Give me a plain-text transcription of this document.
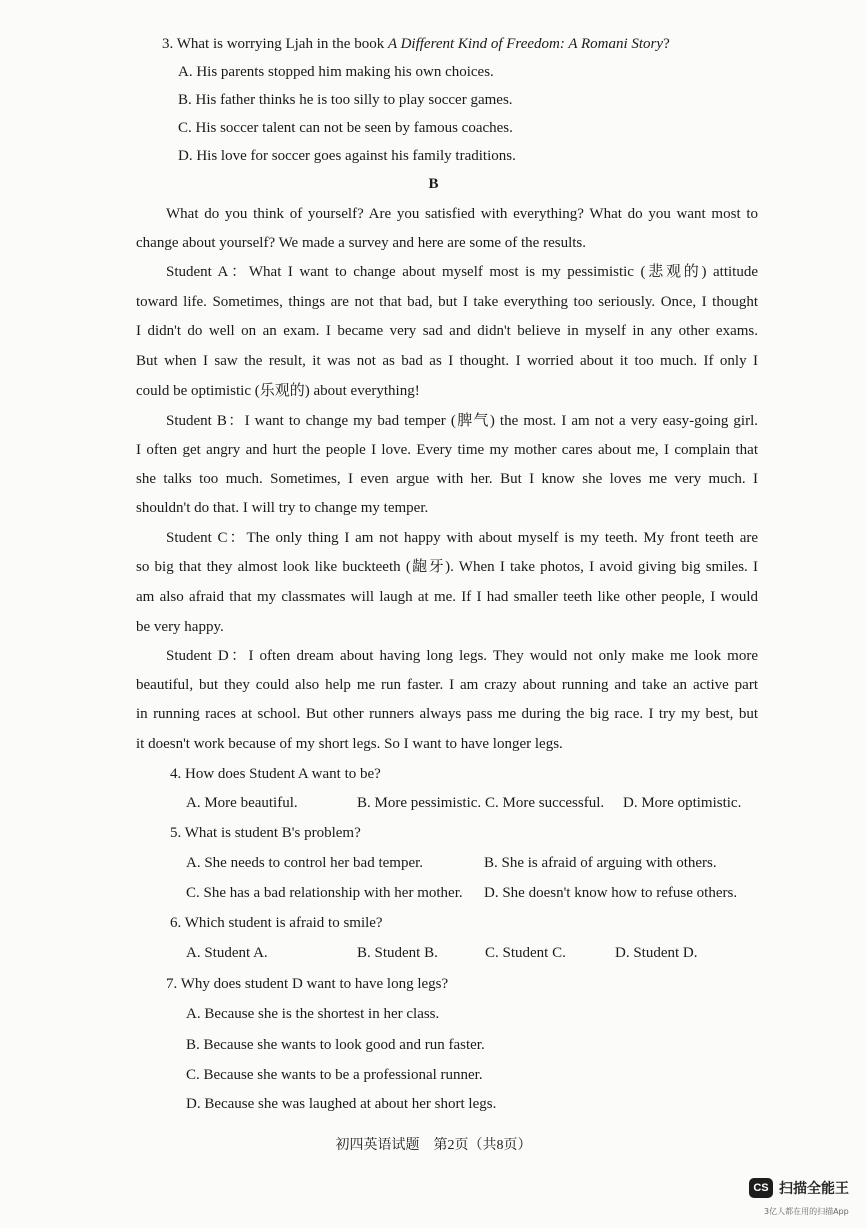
3. What is worrying Ljah in the book A Different Kind of Freedom: A Romani Story?
A. His parents stopped him making his own choices.
B. His father thinks he is too silly to play soccer games.
C. His soccer talent can not be seen by famous coaches.
D. His love for soccer goes against his family traditions.
B
What do you think of yourself? Are you satisfied with everything? What do you want most to
change about yourself? We made a survey and here are some of the results.
Student A：What I want to change about myself most is my pessimistic (悲观的) attitude
toward life. Sometimes, things are not that bad, but I take everything too seriously. Once, I thought
I didn't do well on an exam. I became very sad and didn't believe in myself in any other exams.
But when I saw the result, it was not as bad as I thought. I worried about it too much. If only I
could be optimistic (乐观的) about everything!
Student B：I want to change my bad temper (脾气) the most. I am not a very easy-going girl.
I often get angry and hurt the people I love. Every time my mother cares about me, I complain that
she talks too much. Sometimes, I even argue with her. But I know she loves me very much. I
shouldn't do that. I will try to change my temper.
Student C：The only thing I am not happy with about myself is my teeth. My front teeth are
so big that they almost look like buckteeth (龅牙). When I take photos, I avoid giving big smiles. I
am also afraid that my classmates will laugh at me. If I had smaller teeth like other people, I would
be very happy.
Student D：I often dream about having long legs. They would not only make me look more
beautiful, but they could also help me run faster. I am crazy about running and take an active part
in running races at school. But other runners always pass me during the big race. I try my best, but
it doesn't work because of my short legs. So I want to have longer legs.
4. How does Student A want to be?
A. More beautiful.	B. More pessimistic. C. More successful. D. More optimistic.
5. What is student B's problem?
A. She needs to control her bad temper.	B. She is afraid of arguing with others.
C. She has a bad relationship with her mother. D. She doesn't know how to refuse others.
6. Which student is afraid to smile?
A. Student A.	B. Student B.	C. Student C.	D. Student D.
7. Why does student D want to have long legs?
A. Because she is the shortest in her class.
B. Because she wants to look good and run faster.
C. Because she wants to be a professional runner.
D. Because she was laughed at about her short legs.
初四英语试题　第2页（共8页）
CS 扫描全能王
3亿人都在用的扫描App
